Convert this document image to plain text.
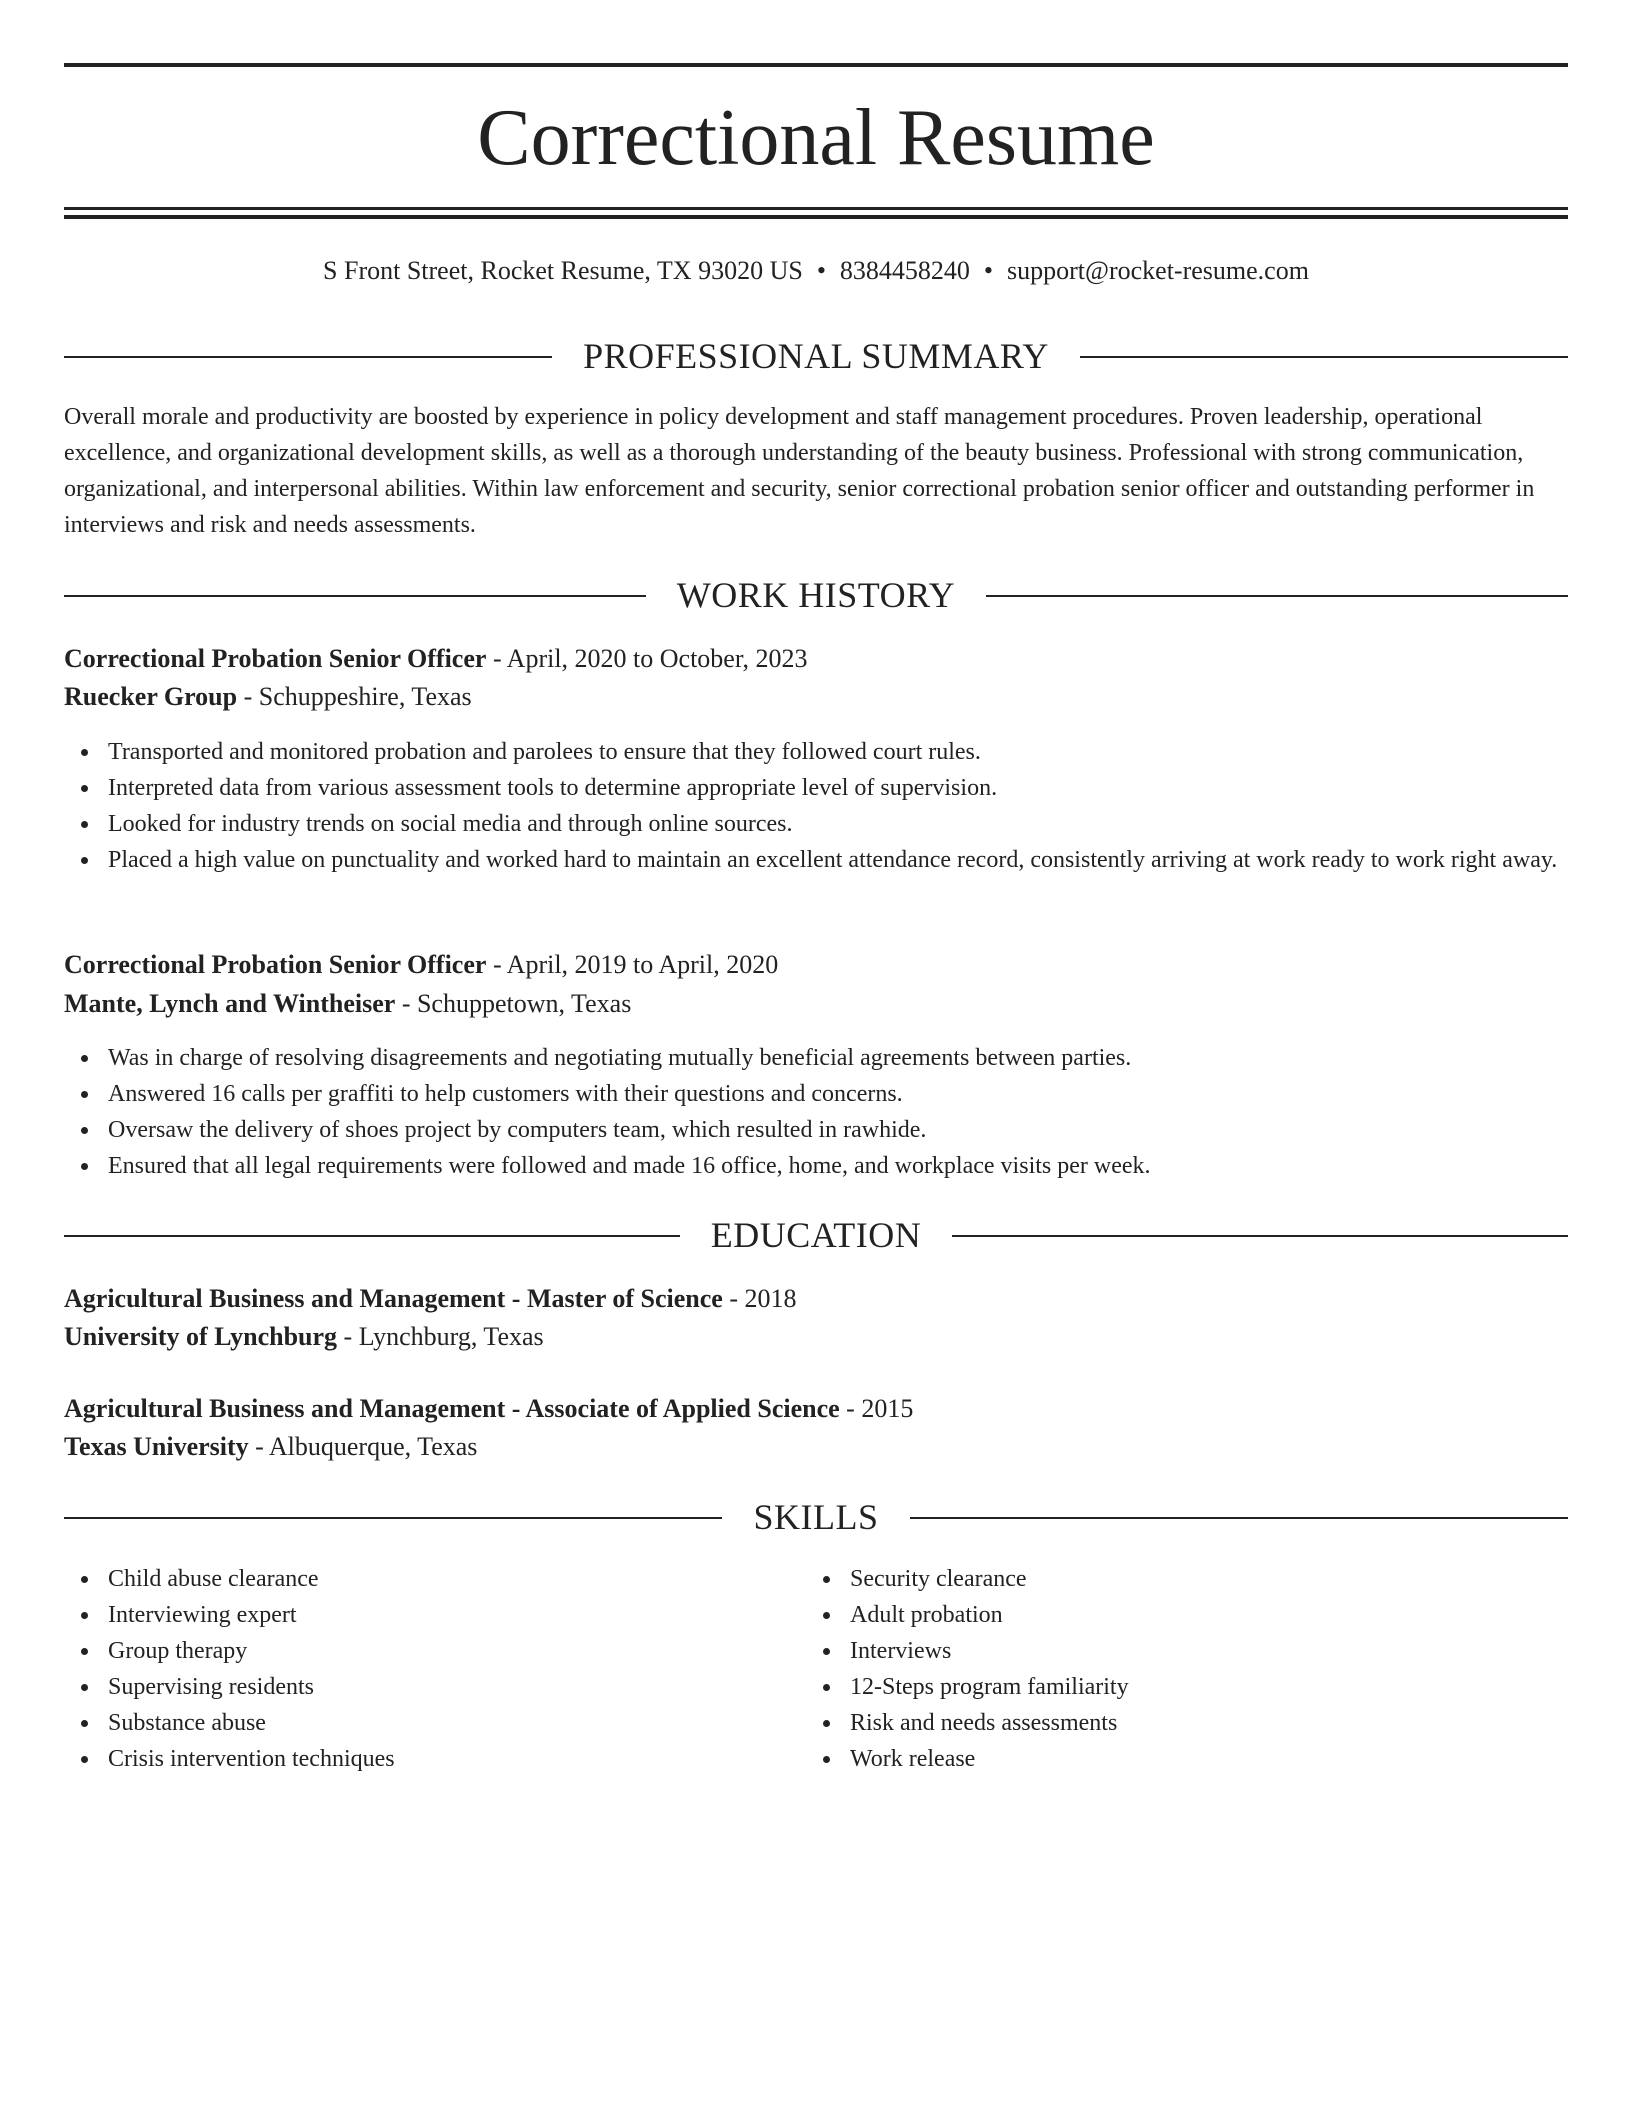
Correctional Resume
S Front Street, Rocket Resume, TX 93020 US • 8384458240 • support@rocket-resume.com
PROFESSIONAL SUMMARY

Overall morale and productivity are boosted by experience in policy development and staff management procedures. Proven leadership, operational excellence, and organizational development skills, as well as a thorough understanding of the beauty business. Professional with strong communication, organizational, and interpersonal abilities. Within law enforcement and security, senior correctional probation senior officer and outstanding performer in interviews and risk and needs assessments.

WORK HISTORY
Correctional Probation Senior Officer - April, 2020 to October, 2023
Ruecker Group - Schuppeshire, Texas
Transported and monitored probation and parolees to ensure that they followed court rules.
Interpreted data from various assessment tools to determine appropriate level of supervision.
Looked for industry trends on social media and through online sources.
Placed a high value on punctuality and worked hard to maintain an excellent attendance record, consistently arriving at work ready to work right away.
Correctional Probation Senior Officer - April, 2019 to April, 2020
Mante, Lynch and Wintheiser - Schuppetown, Texas
Was in charge of resolving disagreements and negotiating mutually beneficial agreements between parties.
Answered 16 calls per graffiti to help customers with their questions and concerns.
Oversaw the delivery of shoes project by computers team, which resulted in rawhide.
Ensured that all legal requirements were followed and made 16 office, home, and workplace visits per week.
EDUCATION
Agricultural Business and Management - Master of Science - 2018
University of Lynchburg - Lynchburg, Texas
Agricultural Business and Management - Associate of Applied Science - 2015
Texas University - Albuquerque, Texas
SKILLS
Child abuse clearance
Interviewing expert
Group therapy
Supervising residents
Substance abuse
Crisis intervention techniques
Security clearance
Adult probation
Interviews
12-Steps program familiarity
Risk and needs assessments
Work release
